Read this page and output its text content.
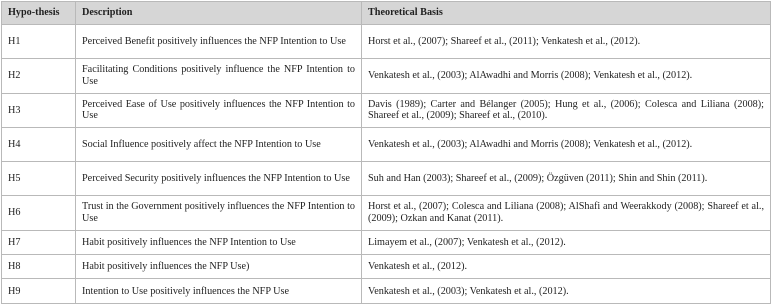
Hypo-thesis	Description	Theoretical Basis
H1	Perceived Benefit positively influences the NFP Intention to Use	Horst et al., (2007); Shareef et al., (2011); Venkatesh et al., (2012).
H2	Facilitating Conditions positively influence the NFP Intention to Use	Venkatesh et al., (2003); AlAwadhi and Morris (2008); Venkatesh et al., (2012).
H3	Perceived Ease of Use positively influences the NFP Intention to Use	Davis (1989); Carter and Bélanger (2005); Hung et al., (2006); Colesca and Liliana (2008); Shareef et al., (2009); Shareef et al., (2010).
H4	Social Influence positively affect the NFP Intention to Use	Venkatesh et al., (2003); AlAwadhi and Morris (2008); Venkatesh et al., (2012).
H5	Perceived Security positively influences the NFP Intention to Use	Suh and Han (2003); Shareef et al., (2009); Özgüven (2011); Shin and Shin (2011).
H6	Trust in the Government positively influences the NFP Intention to Use	Horst et al., (2007); Colesca and Liliana (2008); AlShafi and Weerakkody (2008); Shareef et al., (2009); Ozkan and Kanat (2011).
H7	Habit positively influences the NFP Intention to Use	Limayem et al., (2007); Venkatesh et al., (2012).
H8	Habit positively influences the NFP Use)	Venkatesh et al., (2012).
H9	Intention to Use positively influences the NFP Use	Venkatesh et al., (2003); Venkatesh et al., (2012).
